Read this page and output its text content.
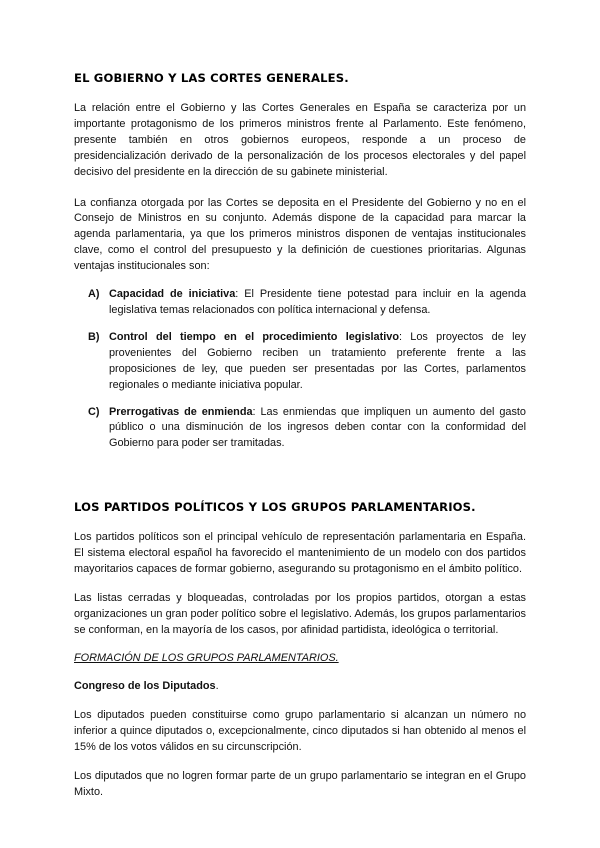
EL GOBIERNO Y LAS CORTES GENERALES.

La relación entre el Gobierno y las Cortes Generales en España se caracteriza por un importante protagonismo de los primeros ministros frente al Parlamento. Este fenómeno, presente también en otros gobiernos europeos, responde a un proceso de presidencialización derivado de la personalización de los procesos electorales y del papel decisivo del presidente en la dirección de su gabinete ministerial.

La confianza otorgada por las Cortes se deposita en el Presidente del Gobierno y no en el Consejo de Ministros en su conjunto. Además dispone de la capacidad para marcar la agenda parlamentaria, ya que los primeros ministros disponen de ventajas institucionales clave, como el control del presupuesto y la definición de cuestiones prioritarias. Algunas ventajas institucionales son:

A) Capacidad de iniciativa: El Presidente tiene potestad para incluir en la agenda legislativa temas relacionados con política internacional y defensa.
B) Control del tiempo en el procedimiento legislativo: Los proyectos de ley provenientes del Gobierno reciben un tratamiento preferente frente a las proposiciones de ley, que pueden ser presentadas por las Cortes, parlamentos regionales o mediante iniciativa popular.
C) Prerrogativas de enmienda: Las enmiendas que impliquen un aumento del gasto público o una disminución de los ingresos deben contar con la conformidad del Gobierno para poder ser tramitadas.
LOS PARTIDOS POLÍTICOS Y LOS GRUPOS PARLAMENTARIOS.

Los partidos políticos son el principal vehículo de representación parlamentaria en España. El sistema electoral español ha favorecido el mantenimiento de un modelo con dos partidos mayoritarios capaces de formar gobierno, asegurando su protagonismo en el ámbito político.

Las listas cerradas y bloqueadas, controladas por los propios partidos, otorgan a estas organizaciones un gran poder político sobre el legislativo. Además, los grupos parlamentarios se conforman, en la mayoría de los casos, por afinidad partidista, ideológica o territorial.

FORMACIÓN DE LOS GRUPOS PARLAMENTARIOS.
Congreso de los Diputados.

Los diputados pueden constituirse como grupo parlamentario si alcanzan un número no inferior a quince diputados o, excepcionalmente, cinco diputados si han obtenido al menos el 15% de los votos válidos en su circunscripción.

Los diputados que no logren formar parte de un grupo parlamentario se integran en el Grupo Mixto.
